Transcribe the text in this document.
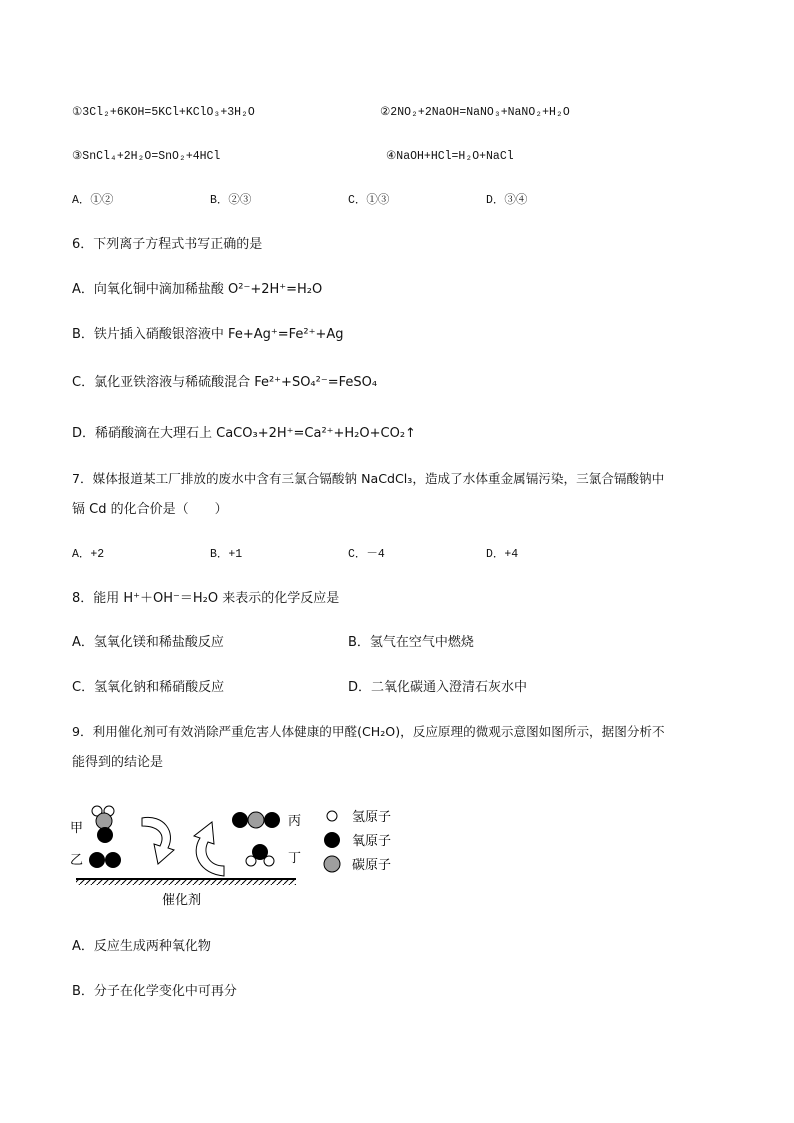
①3Cl₂+6KOH=5KCl+KClO₃+3H₂O	②2NO₂+2NaOH=NaNO₃+NaNO₂+H₂O
③SnCl₄+2H₂O=SnO₂+4HCl	④NaOH+HCl=H₂O+NaCl
A．①②	B．②③	C．①③	D．③④
6．下列离子方程式书写正确的是
A．向氧化铜中滴加稀盐酸 O²⁻+2H⁺=H₂O
B．铁片插入硝酸银溶液中 Fe+Ag⁺=Fe²⁺+Ag
C．氯化亚铁溶液与稀硫酸混合 Fe²⁺+SO₄²⁻=FeSO₄
D．稀硝酸滴在大理石上 CaCO₃+2H⁺=Ca²⁺+H₂O+CO₂↑
7．媒体报道某工厂排放的废水中含有三氯合镉酸钠 NaCdCl₃，造成了水体重金属镉污染，三氯合镉酸钠中
镉 Cd 的化合价是（　　）
A．+2	B．+1	C．－4	D．+4
8．能用 H⁺＋OH⁻＝H₂O 来表示的化学反应是
A．氢氧化镁和稀盐酸反应	B．氢气在空气中燃烧
C．氢氧化钠和稀硝酸反应	D．二氧化碳通入澄清石灰水中
9．利用催化剂可有效消除严重危害人体健康的甲醛(CH₂O)，反应原理的微观示意图如图所示，据图分析不
能得到的结论是
甲
乙
丙
丁
催化剂
氢原子
氧原子
碳原子
A．反应生成两种氧化物
B．分子在化学变化中可再分
